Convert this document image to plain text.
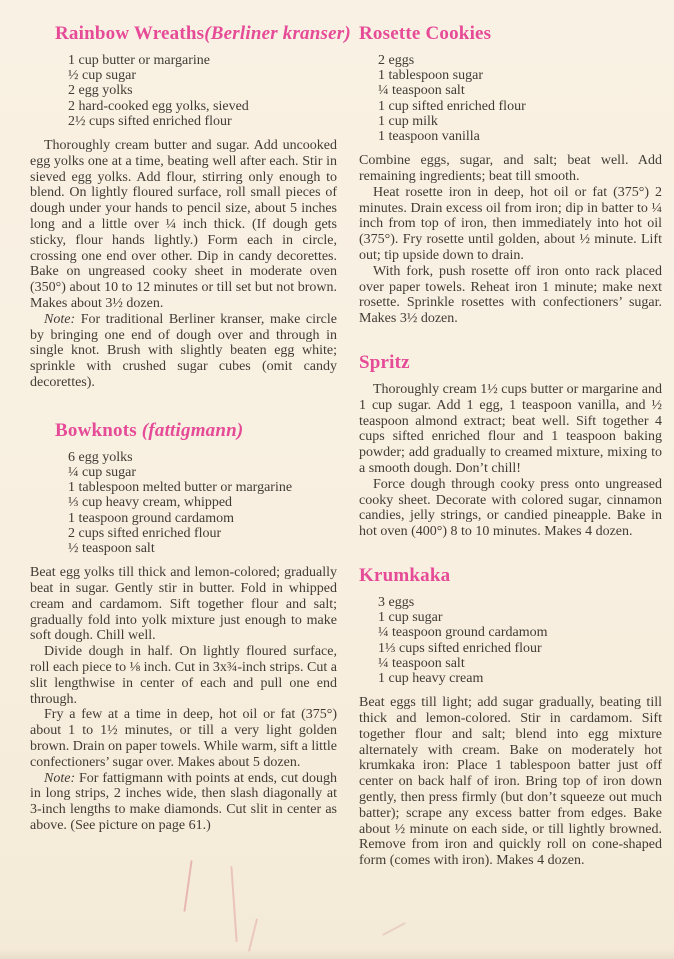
Rainbow Wreaths(Berliner kranser)
1 cup butter or margarine
½ cup sugar
2 egg yolks
2 hard-cooked egg yolks, sieved
2½ cups sifted enriched flour

Thoroughly cream butter and sugar. Add uncooked egg yolks one at a time, beating well after each. Stir in sieved egg yolks. Add flour, stirring only enough to blend. On lightly floured surface, roll small pieces of dough under your hands to pencil size, about 5 inches long and a little over ¼ inch thick. (If dough gets sticky, flour hands lightly.) Form each in circle, crossing one end over other. Dip in candy decorettes. Bake on ungreased cooky sheet in moderate oven (350°) about 10 to 12 minutes or till set but not brown. Makes about 3½ dozen.

Note: For traditional Berliner kranser, make circle by bringing one end of dough over and through in single knot. Brush with slightly beaten egg white; sprinkle with crushed sugar cubes (omit candy decorettes).

Bowknots (fattigmann)
6 egg yolks
¼ cup sugar
1 tablespoon melted butter or margarine
⅓ cup heavy cream, whipped
1 teaspoon ground cardamom
2 cups sifted enriched flour
½ teaspoon salt

Beat egg yolks till thick and lemon-colored; gradually beat in sugar. Gently stir in butter. Fold in whipped cream and cardamom. Sift together flour and salt; gradually fold into yolk mixture just enough to make soft dough. Chill well.

Divide dough in half. On lightly floured surface, roll each piece to ⅛ inch. Cut in 3x¾-inch strips. Cut a slit lengthwise in center of each and pull one end through.

Fry a few at a time in deep, hot oil or fat (375°) about 1 to 1½ minutes, or till a very light golden brown. Drain on paper towels. While warm, sift a little confectioners’ sugar over. Makes about 5 dozen.

Note: For fattigmann with points at ends, cut dough in long strips, 2 inches wide, then slash diagonally at 3-inch lengths to make diamonds. Cut slit in center as above. (See picture on page 61.)

Rosette Cookies
2 eggs
1 tablespoon sugar
¼ teaspoon salt
1 cup sifted enriched flour
1 cup milk
1 teaspoon vanilla

Combine eggs, sugar, and salt; beat well. Add remaining ingredients; beat till smooth.

Heat rosette iron in deep, hot oil or fat (375°) 2 minutes. Drain excess oil from iron; dip in batter to ¼ inch from top of iron, then immediately into hot oil (375°). Fry rosette until golden, about ½ minute. Lift out; tip upside down to drain.

With fork, push rosette off iron onto rack placed over paper towels. Reheat iron 1 minute; make next rosette. Sprinkle rosettes with confectioners’ sugar. Makes 3½ dozen.

Spritz

Thoroughly cream 1½ cups butter or margarine and 1 cup sugar. Add 1 egg, 1 teaspoon vanilla, and ½ teaspoon almond extract; beat well. Sift together 4 cups sifted enriched flour and 1 teaspoon baking powder; add gradually to creamed mixture, mixing to a smooth dough. Don’t chill!

Force dough through cooky press onto ungreased cooky sheet. Decorate with colored sugar, cinnamon candies, jelly strings, or candied pineapple. Bake in hot oven (400°) 8 to 10 minutes. Makes 4 dozen.

Krumkaka
3 eggs
1 cup sugar
¼ teaspoon ground cardamom
1⅓ cups sifted enriched flour
¼ teaspoon salt
1 cup heavy cream

Beat eggs till light; add sugar gradually, beating till thick and lemon-colored. Stir in cardamom. Sift together flour and salt; blend into egg mixture alternately with cream. Bake on moderately hot krumkaka iron: Place 1 tablespoon batter just off center on back half of iron. Bring top of iron down gently, then press firmly (but don’t squeeze out much batter); scrape any excess batter from edges. Bake about ½ minute on each side, or till lightly browned. Remove from iron and quickly roll on cone-shaped form (comes with iron). Makes 4 dozen.
